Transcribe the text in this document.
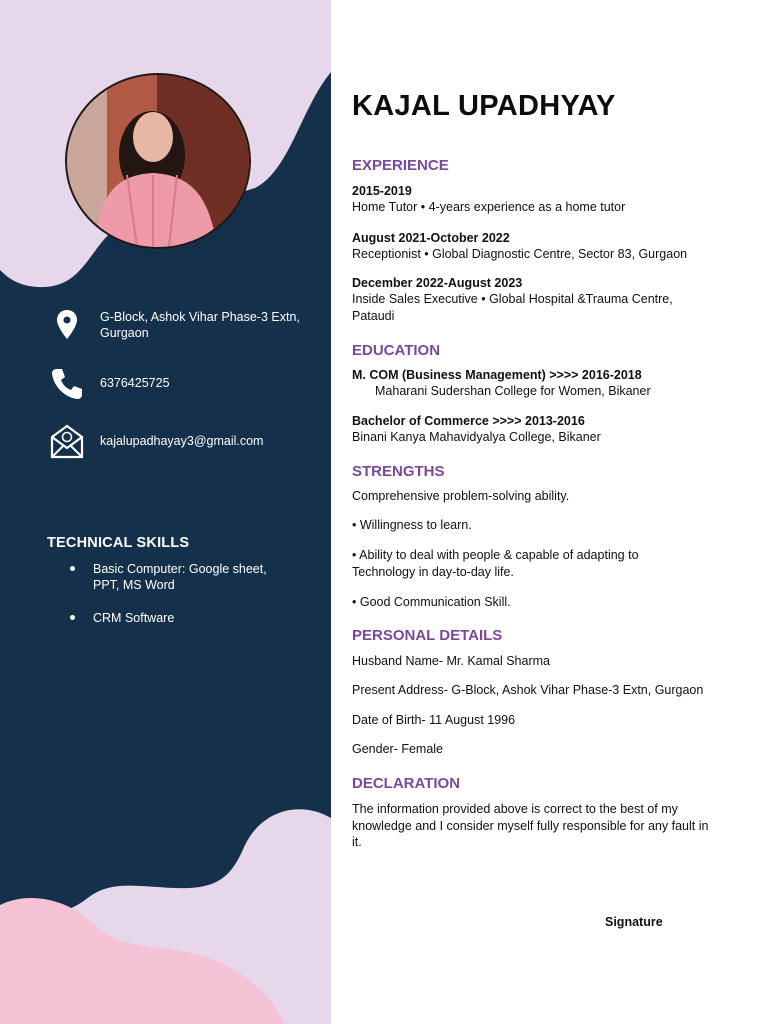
G-Block, Ashok Vihar Phase-3 Extn, Gurgaon
6376425725
kajalupadhayay3@gmail.com
TECHNICAL SKILLS
Basic Computer: Google sheet, PPT, MS Word
CRM Software
KAJAL UPADHYAY
EXPERIENCE
2015-2019
Home Tutor • 4-years experience as a home tutor
August 2021-October 2022
Receptionist • Global Diagnostic Centre, Sector 83, Gurgaon
December 2022-August 2023
Inside Sales Executive • Global Hospital &Trauma Centre, Pataudi
EDUCATION
M. COM (Business Management) >>>> 2016-2018
Maharani Sudershan College for Women, Bikaner
Bachelor of Commerce >>>> 2013-2016
Binani Kanya Mahavidyalya College, Bikaner
STRENGTHS
Comprehensive problem-solving ability.
• Willingness to learn.
• Ability to deal with people & capable of adapting to Technology in day-to-day life.
• Good Communication Skill.
PERSONAL DETAILS
Husband Name- Mr. Kamal Sharma
Present Address- G-Block, Ashok Vihar Phase-3 Extn, Gurgaon
Date of Birth- 11 August 1996
Gender- Female
DECLARATION
The information provided above is correct to the best of my knowledge and I consider myself fully responsible for any fault in it.
Signature
